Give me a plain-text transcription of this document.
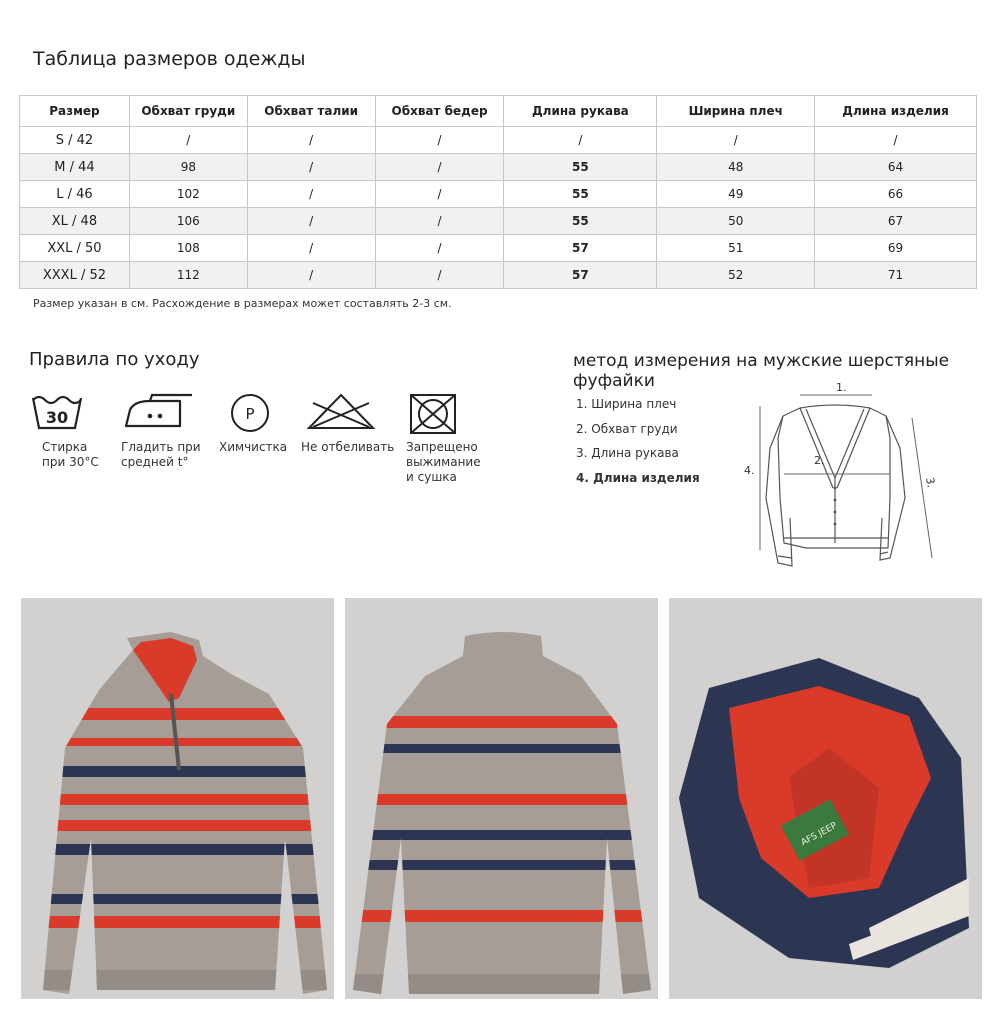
Таблица размеров одежды
Размер	Обхват груди	Обхват талии	Обхват бедер	Длина рукава	Ширина плеч	Длина изделия
S / 42	/	/	/	/	/	/
M / 44	98	/	/	55	48	64
L / 46	102	/	/	55	49	66
XL / 48	106	/	/	55	50	67
XXL / 50	108	/	/	57	51	69
XXXL / 52	112	/	/	57	52	71
Размер указан в см. Расхождение в размерах может составлять 2-3 см.
Правила по уходу
30	P
Стирка
при 30°C
Гладить при
средней t°
Химчистка Не отбеливать Запрещено
выжимание
и сушка
метод измерения на мужские шерстяные фуфайки
1. Ширина плеч
2. Обхват груди
3. Длина рукава
4. Длина изделия
1.
2.
3.
4.
AFS JEEP
